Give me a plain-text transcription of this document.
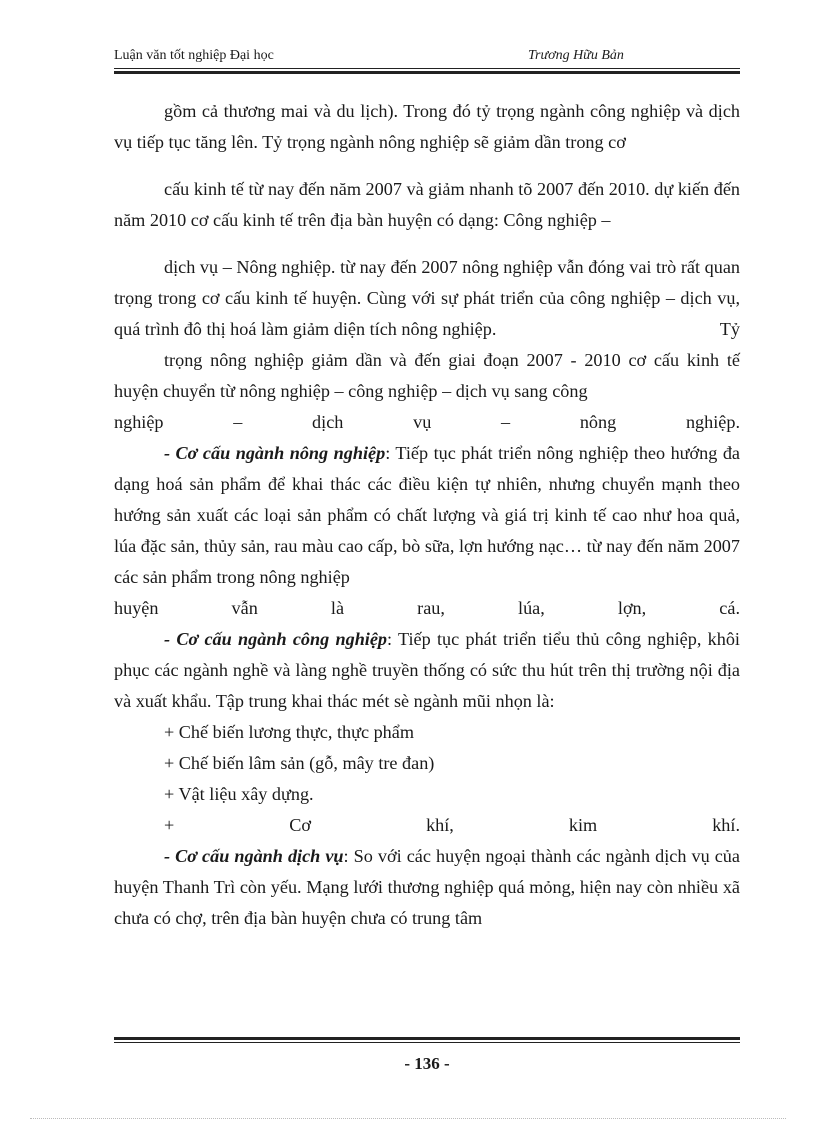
Luận văn tốt nghiệp Đại học	Trương Hữu Bản

gồm cả thương mai và du lịch). Trong đó tỷ trọng ngành công nghiệp và dịch vụ tiếp tục tăng lên. Tỷ trọng ngành nông nghiệp sẽ giảm dần trong cơ

cấu kinh tế từ nay đến năm 2007 và giảm nhanh tõ 2007 đến 2010. dự kiến đến năm 2010 cơ cấu kinh tế trên địa bàn huyện có dạng: Công nghiệp –

dịch vụ – Nông nghiệp. từ nay đến 2007 nông nghiệp vẫn đóng vai trò rất quan trọng trong cơ cấu kinh tế huyện. Cùng với sự phát triển của công nghiệp – dịch vụ, quá trình đô thị hoá làm giảm diện tích nông nghiệp.	Tỷ

trọng nông nghiệp giảm dần và đến giai đoạn 2007 - 2010 cơ cấu kinh tế huyện chuyển từ nông nghiệp – công nghiệp – dịch vụ sang công

nghiệp – dịch vụ – nông nghiệp.

- Cơ cấu ngành nông nghiệp: Tiếp tục phát triển nông nghiệp theo hướng đa dạng hoá sản phẩm để khai thác các điều kiện tự nhiên, nhưng chuyển mạnh theo hướng sản xuất các loại sản phẩm có chất lượng và giá trị kinh tế cao như hoa quả, lúa đặc sản, thủy sản, rau màu cao cấp, bò sữa, lợn hướng nạc… từ nay đến năm 2007 các sản phẩm trong nông nghiệp

huyện vẫn là rau, lúa, lợn, cá.

- Cơ cấu ngành công nghiệp: Tiếp tục phát triển tiểu thủ công nghiệp, khôi phục các ngành nghề và làng nghề truyền thống có sức thu hút trên thị trường nội địa và xuất khẩu. Tập trung khai thác mét sè ngành mũi nhọn là:

+ Chế biến lương thực, thực phẩm

+ Chế biến lâm sản (gỗ, mây tre đan)

+ Vật liệu xây dựng.

+ Cơ khí, kim khí.

- Cơ cấu ngành dịch vụ: So với các huyện ngoại thành các ngành dịch vụ của huyện Thanh Trì còn yếu. Mạng lưới thương nghiệp quá mỏng, hiện nay còn nhiều xã chưa có chợ, trên địa bàn huyện chưa có trung tâm

- 136 -
